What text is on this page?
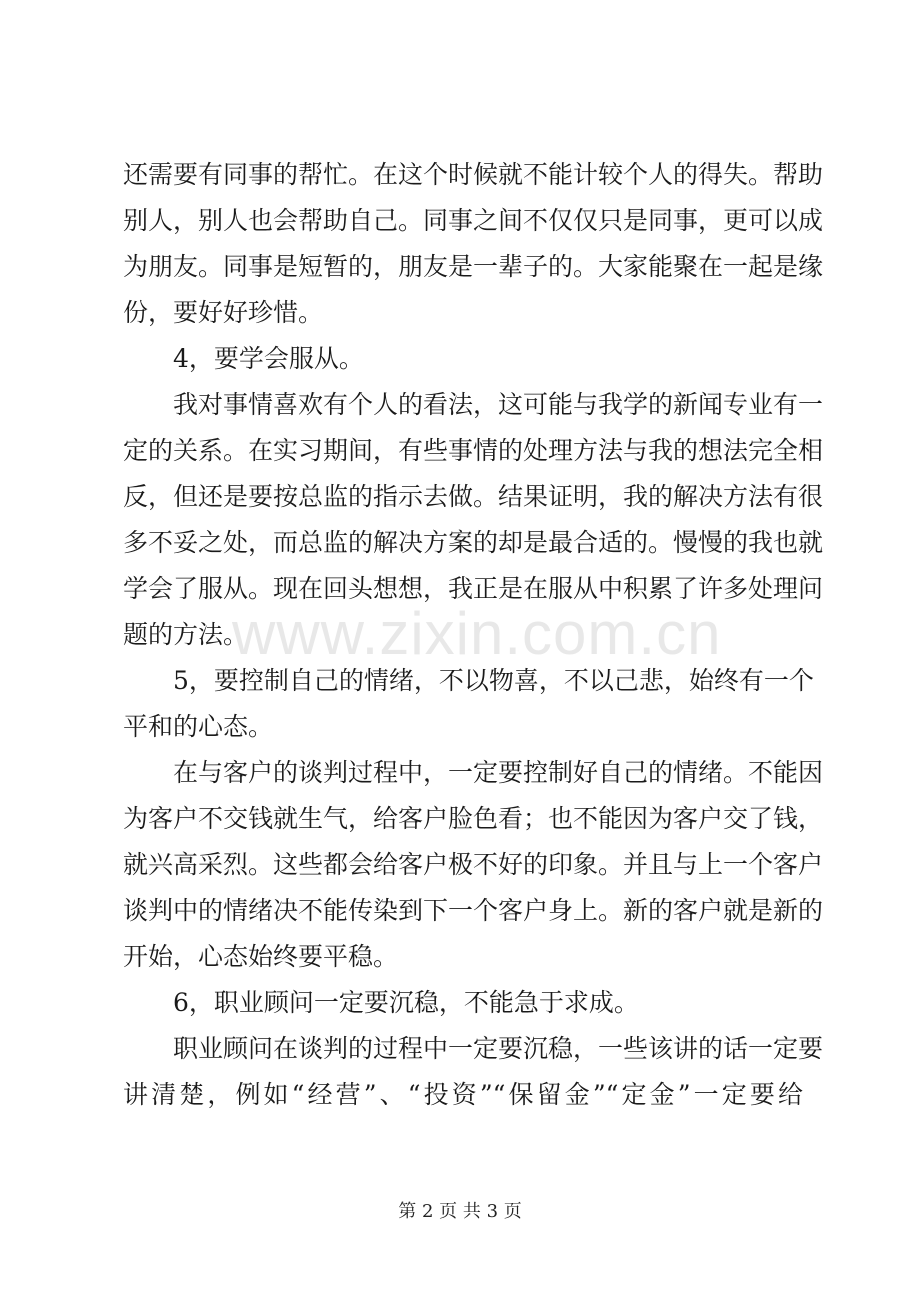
还需要有同事的帮忙。在这个时候就不能计较个人的得失。帮助
别人，别人也会帮助自己。同事之间不仅仅只是同事，更可以成
为朋友。同事是短暂的，朋友是一辈子的。大家能聚在一起是缘
份，要好好珍惜。
4，要学会服从。
我对事情喜欢有个人的看法，这可能与我学的新闻专业有一
定的关系。在实习期间，有些事情的处理方法与我的想法完全相
反，但还是要按总监的指示去做。结果证明，我的解决方法有很
多不妥之处，而总监的解决方案的却是最合适的。慢慢的我也就
学会了服从。现在回头想想，我正是在服从中积累了许多处理问
题的方法。
5，要控制自己的情绪，不以物喜，不以己悲，始终有一个
平和的心态。
在与客户的谈判过程中，一定要控制好自己的情绪。不能因
为客户不交钱就生气，给客户脸色看；也不能因为客户交了钱，
就兴高采烈。这些都会给客户极不好的印象。并且与上一个客户
谈判中的情绪决不能传染到下一个客户身上。新的客户就是新的
开始，心态始终要平稳。
6，职业顾问一定要沉稳，不能急于求成。
职业顾问在谈判的过程中一定要沉稳，一些该讲的话一定要
讲清楚，例如“经营”、“投资”“保留金”“定金”一定要给
www.zixin.com.cn
第 2 页 共 3 页
